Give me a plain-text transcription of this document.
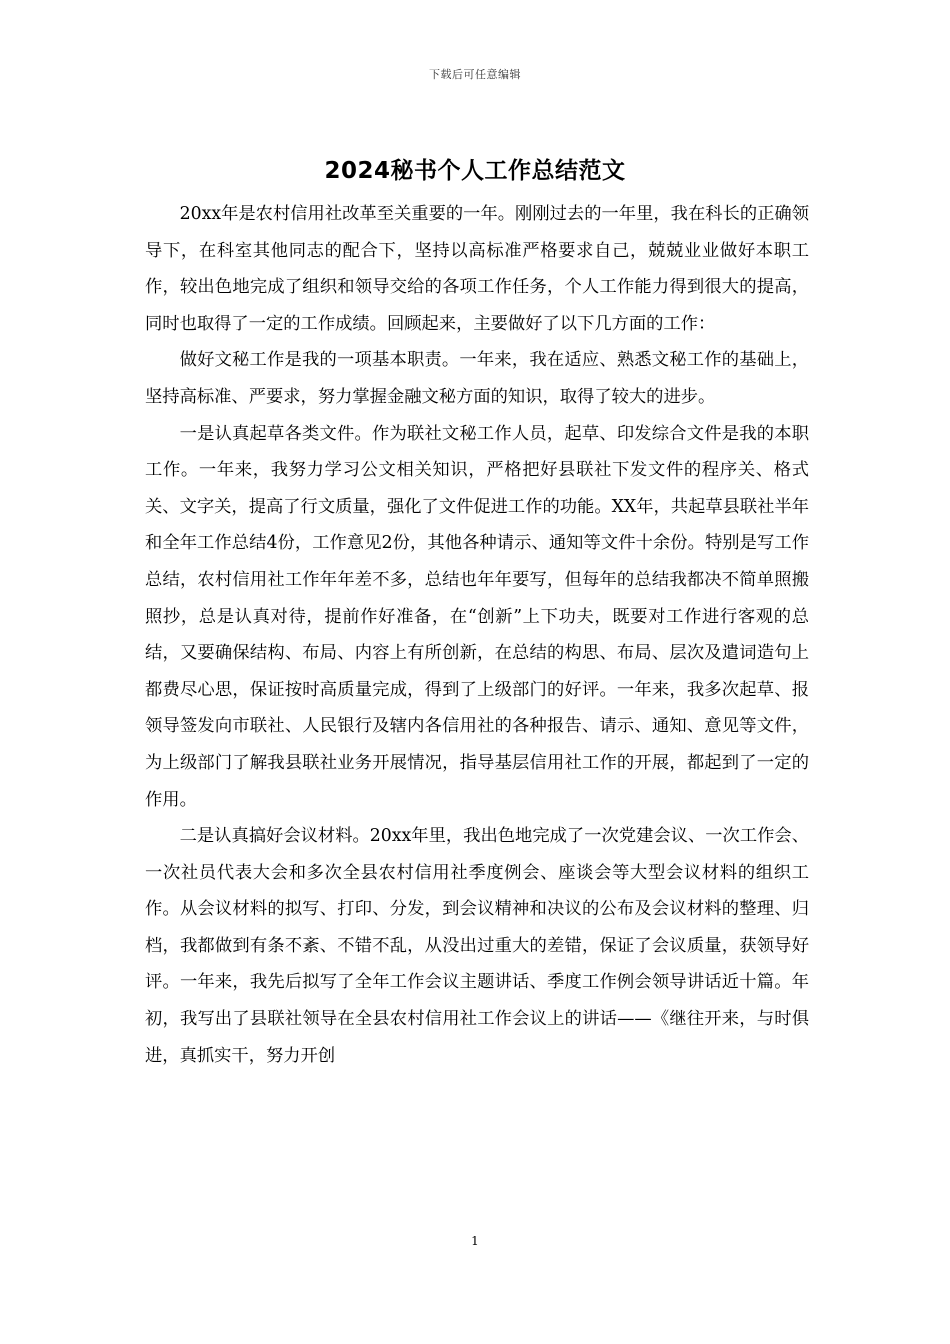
下载后可任意编辑
2024秘书个人工作总结范文

20xx年是农村信用社改革至关重要的一年。刚刚过去的一年里，我在科长的正确领导下，在科室其他同志的配合下，坚持以高标准严格要求自己，兢兢业业做好本职工作，较出色地完成了组织和领导交给的各项工作任务，个人工作能力得到很大的提高，同时也取得了一定的工作成绩。回顾起来，主要做好了以下几方面的工作：

做好文秘工作是我的一项基本职责。一年来，我在适应、熟悉文秘工作的基础上，坚持高标准、严要求，努力掌握金融文秘方面的知识，取得了较大的进步。

一是认真起草各类文件。作为联社文秘工作人员，起草、印发综合文件是我的本职工作。一年来，我努力学习公文相关知识，严格把好县联社下发文件的程序关、格式关、文字关，提高了行文质量，强化了文件促进工作的功能。XX年，共起草县联社半年和全年工作总结4份，工作意见2份，其他各种请示、通知等文件十余份。特别是写工作总结，农村信用社工作年年差不多，总结也年年要写，但每年的总结我都决不简单照搬照抄，总是认真对待，提前作好准备，在“创新”上下功夫，既要对工作进行客观的总结，又要确保结构、布局、内容上有所创新，在总结的构思、布局、层次及遣词造句上都费尽心思，保证按时高质量完成，得到了上级部门的好评。一年来，我多次起草、报领导签发向市联社、人民银行及辖内各信用社的各种报告、请示、通知、意见等文件，为上级部门了解我县联社业务开展情况，指导基层信用社工作的开展，都起到了一定的作用。

二是认真搞好会议材料。20xx年里，我出色地完成了一次党建会议、一次工作会、一次社员代表大会和多次全县农村信用社季度例会、座谈会等大型会议材料的组织工作。从会议材料的拟写、打印、分发，到会议精神和决议的公布及会议材料的整理、归档，我都做到有条不紊、不错不乱，从没出过重大的差错，保证了会议质量，获领导好评。一年来，我先后拟写了全年工作会议主题讲话、季度工作例会领导讲话近十篇。年初，我写出了县联社领导在全县农村信用社工作会议上的讲话——《继往开来，与时俱进，真抓实干，努力开创

1
